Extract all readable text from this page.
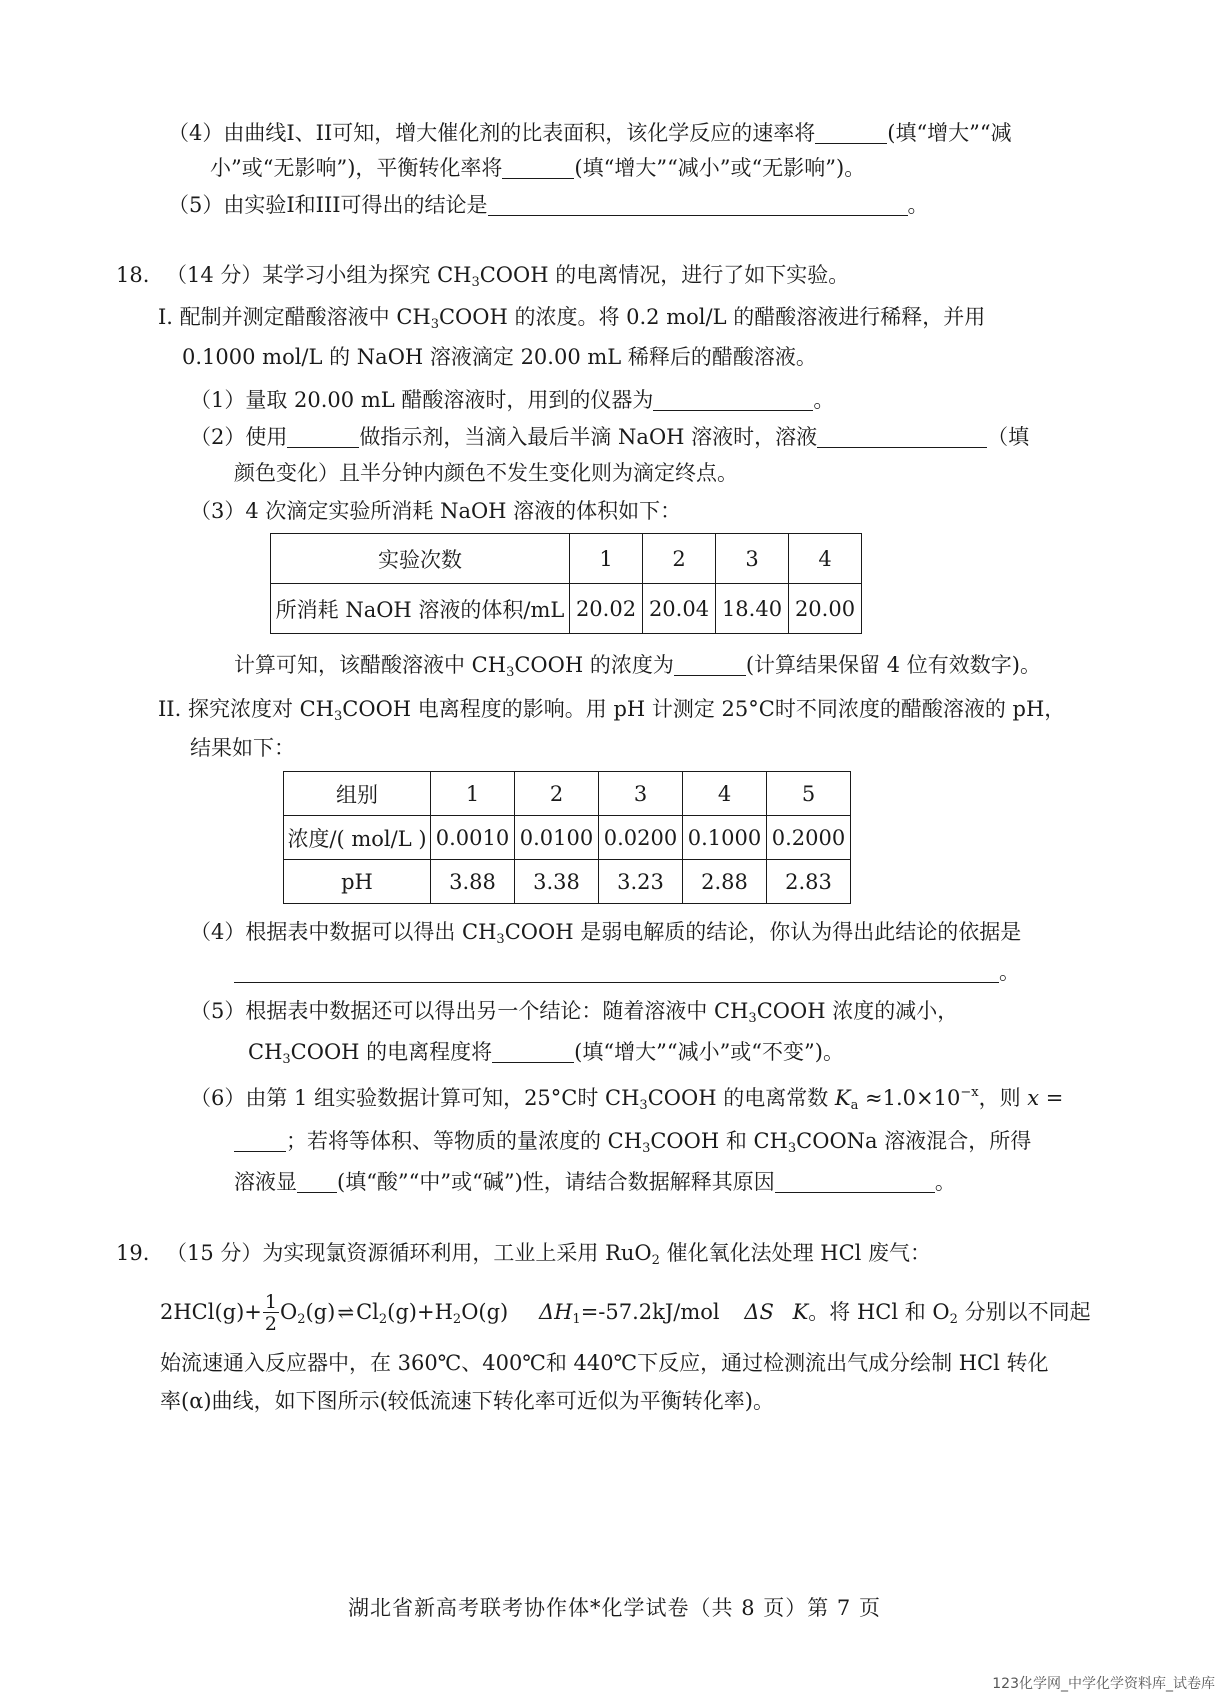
（4）由曲线I、II可知，增大催化剂的比表面积，该化学反应的速率将	(填“增大”“减
小”或“无影响”)，平衡转化率将	(填“增大”“减小”或“无影响”)。
（5）由实验I和III可得出的结论是	。
18. （14 分）某学习小组为探究 $CH_3COOH$ 的电离情况，进行了如下实验。
I. 配制并测定醋酸溶液中 $CH_3COOH$ 的浓度。将 0.2 mol/L 的醋酸溶液进行稀释，并用
0.1000 mol/L 的 NaOH 溶液滴定 20.00 mL 稀释后的醋酸溶液。
（1）量取 20.00 mL 醋酸溶液时，用到的仪器为	。
（2）使用	做指示剂，当滴入最后半滴 NaOH 溶液时，溶液	（填
颜色变化）且半分钟内颜色不发生变化则为滴定终点。
（3）4 次滴定实验所消耗 NaOH 溶液的体积如下：
实验次数	1	2	3	4
所消耗 NaOH 溶液的体积/mL	20.02	20.04	18.40	20.00
计算可知，该醋酸溶液中 $CH_3COOH$ 的浓度为	(计算结果保留 4 位有效数字)。
II. 探究浓度对 $CH_3COOH$ 电离程度的影响。用 pH 计测定 25°C时不同浓度的醋酸溶液的 pH，
结果如下：
组别	1	2	3	4	5
浓度/( mol/L )	0.0010	0.0100	0.0200	0.1000	0.2000
pH	3.88	3.38	3.23	2.88	2.83
（4）根据表中数据可以得出 $CH_3COOH$ 是弱电解质的结论，你认为得出此结论的依据是
。
（5）根据表中数据还可以得出另一个结论：随着溶液中 $CH_3COOH$ 浓度的减小，
$CH_3COOH$ 的电离程度将	(填“增大”“减小”或“不变”)。
（6）由第 1 组实验数据计算可知，25°C时 $CH_3COOH$ 的电离常数 $K_a \approx 1.0\times 10^{-x}$，则 x =
；若将等体积、等物质的量浓度的 $CH_3COOH$ 和 $CH_3COONa$ 溶液混合，所得
溶液显 (填“酸”“中”或“碱”)性，请结合数据解释其原因	。
19. （15 分）为实现氯资源循环利用，工业上采用 RuO$_2$ 催化氧化法处理 HCl 废气：
$2HCl(g)+ \frac{1}{2} O_2(g)$ $\rightleftharpoons Cl_2(g)+H_2O(g)$ $\Delta H_1=-57.2kJ$/mol ΔS K。将 HCl 和 $O_2$ 分别以不同起
始流速通入反应器中，在 360℃、400℃和 440℃下反应，通过检测流出气成分绘制 HCl 转化
率(α)曲线，如下图所示(较低流速下转化率可近似为平衡转化率)。
湖北省新高考联考协作体*化学试卷（共 8 页）第 7 页
123化学网_中学化学资料库_试卷库
